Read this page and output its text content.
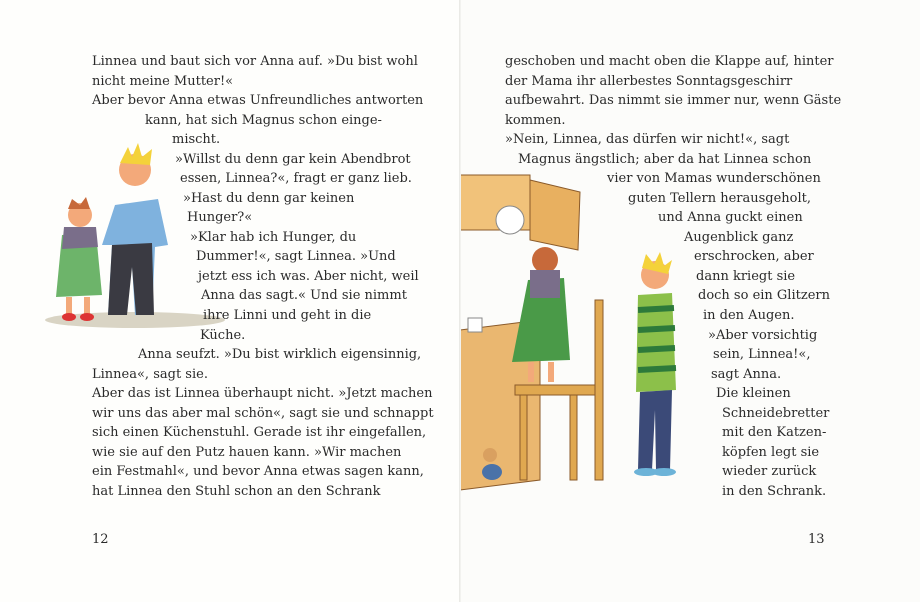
Linnea und baut sich vor Anna auf. »Du bist wohl
nicht meine Mutter!«
Aber bevor Anna etwas Unfreundliches antworten
kann, hat sich Magnus schon einge-
mischt.
»Willst du denn gar kein Abendbrot
essen, Linnea?«, fragt er ganz lieb.
»Hast du denn gar keinen
Hunger?«
»Klar hab ich Hunger, du
Dummer!«, sagt Linnea. »Und
jetzt ess ich was. Aber nicht, weil
Anna das sagt.« Und sie nimmt
ihre Linni und geht in die
Küche.
Anna seufzt. »Du bist wirklich eigensinnig,
Linnea«, sagt sie.
Aber das ist Linnea überhaupt nicht. »Jetzt machen
wir uns das aber mal schön«, sagt sie und schnappt
sich einen Küchenstuhl. Gerade ist ihr eingefallen,
wie sie auf den Putz hauen kann. »Wir machen
ein Festmahl«, und bevor Anna etwas sagen kann,
hat Linnea den Stuhl schon an den Schrank
12
geschoben und macht oben die Klappe auf, hinter
der Mama ihr allerbestes Sonntagsgeschirr
aufbewahrt. Das nimmt sie immer nur, wenn Gäste
kommen.
»Nein, Linnea, das dürfen wir nicht!«, sagt
Magnus ängstlich; aber da hat Linnea schon
vier von Mamas wunderschönen
guten Tellern herausgeholt,
und Anna guckt einen
Augenblick ganz
erschrocken, aber
dann kriegt sie
doch so ein Glitzern
in den Augen.
»Aber vorsichtig
sein, Linnea!«,
sagt Anna.
Die kleinen
Schneidebretter
mit den Katzen-
köpfen legt sie
wieder zurück
in den Schrank.
13
